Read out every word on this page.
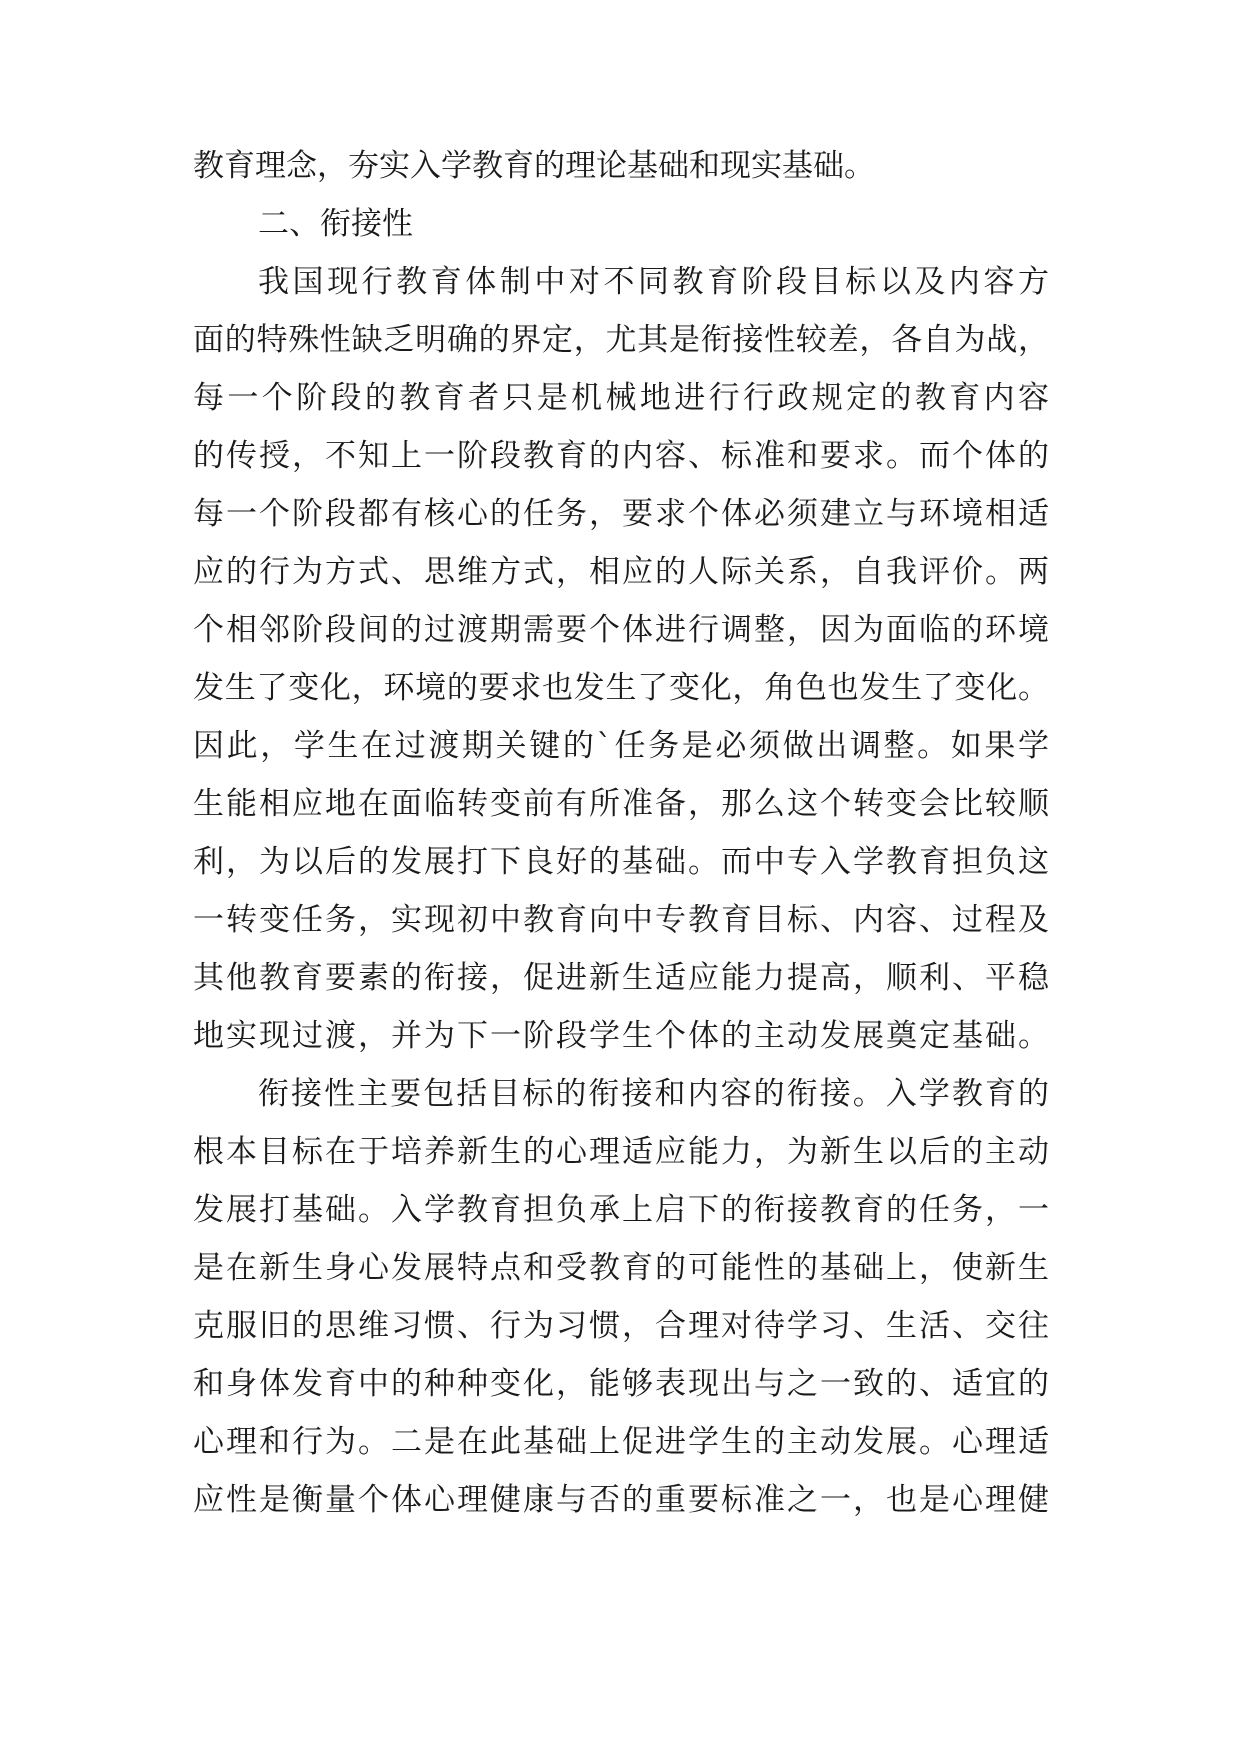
教育理念，夯实入学教育的理论基础和现实基础。

二、衔接性

我国现行教育体制中对不同教育阶段目标以及内容方

面的特殊性缺乏明确的界定，尤其是衔接性较差，各自为战，

每一个阶段的教育者只是机械地进行行政规定的教育内容

的传授，不知上一阶段教育的内容、标准和要求。而个体的

每一个阶段都有核心的任务，要求个体必须建立与环境相适

应的行为方式、思维方式，相应的人际关系，自我评价。两

个相邻阶段间的过渡期需要个体进行调整，因为面临的环境

发生了变化，环境的要求也发生了变化，角色也发生了变化。

因此，学生在过渡期关键的`任务是必须做出调整。如果学

生能相应地在面临转变前有所准备，那么这个转变会比较顺

利，为以后的发展打下良好的基础。而中专入学教育担负这

一转变任务，实现初中教育向中专教育目标、内容、过程及

其他教育要素的衔接，促进新生适应能力提高，顺利、平稳

地实现过渡，并为下一阶段学生个体的主动发展奠定基础。

衔接性主要包括目标的衔接和内容的衔接。入学教育的

根本目标在于培养新生的心理适应能力，为新生以后的主动

发展打基础。入学教育担负承上启下的衔接教育的任务，一

是在新生身心发展特点和受教育的可能性的基础上，使新生

克服旧的思维习惯、行为习惯，合理对待学习、生活、交往

和身体发育中的种种变化，能够表现出与之一致的、适宜的

心理和行为。二是在此基础上促进学生的主动发展。心理适

应性是衡量个体心理健康与否的重要标准之一，也是心理健
